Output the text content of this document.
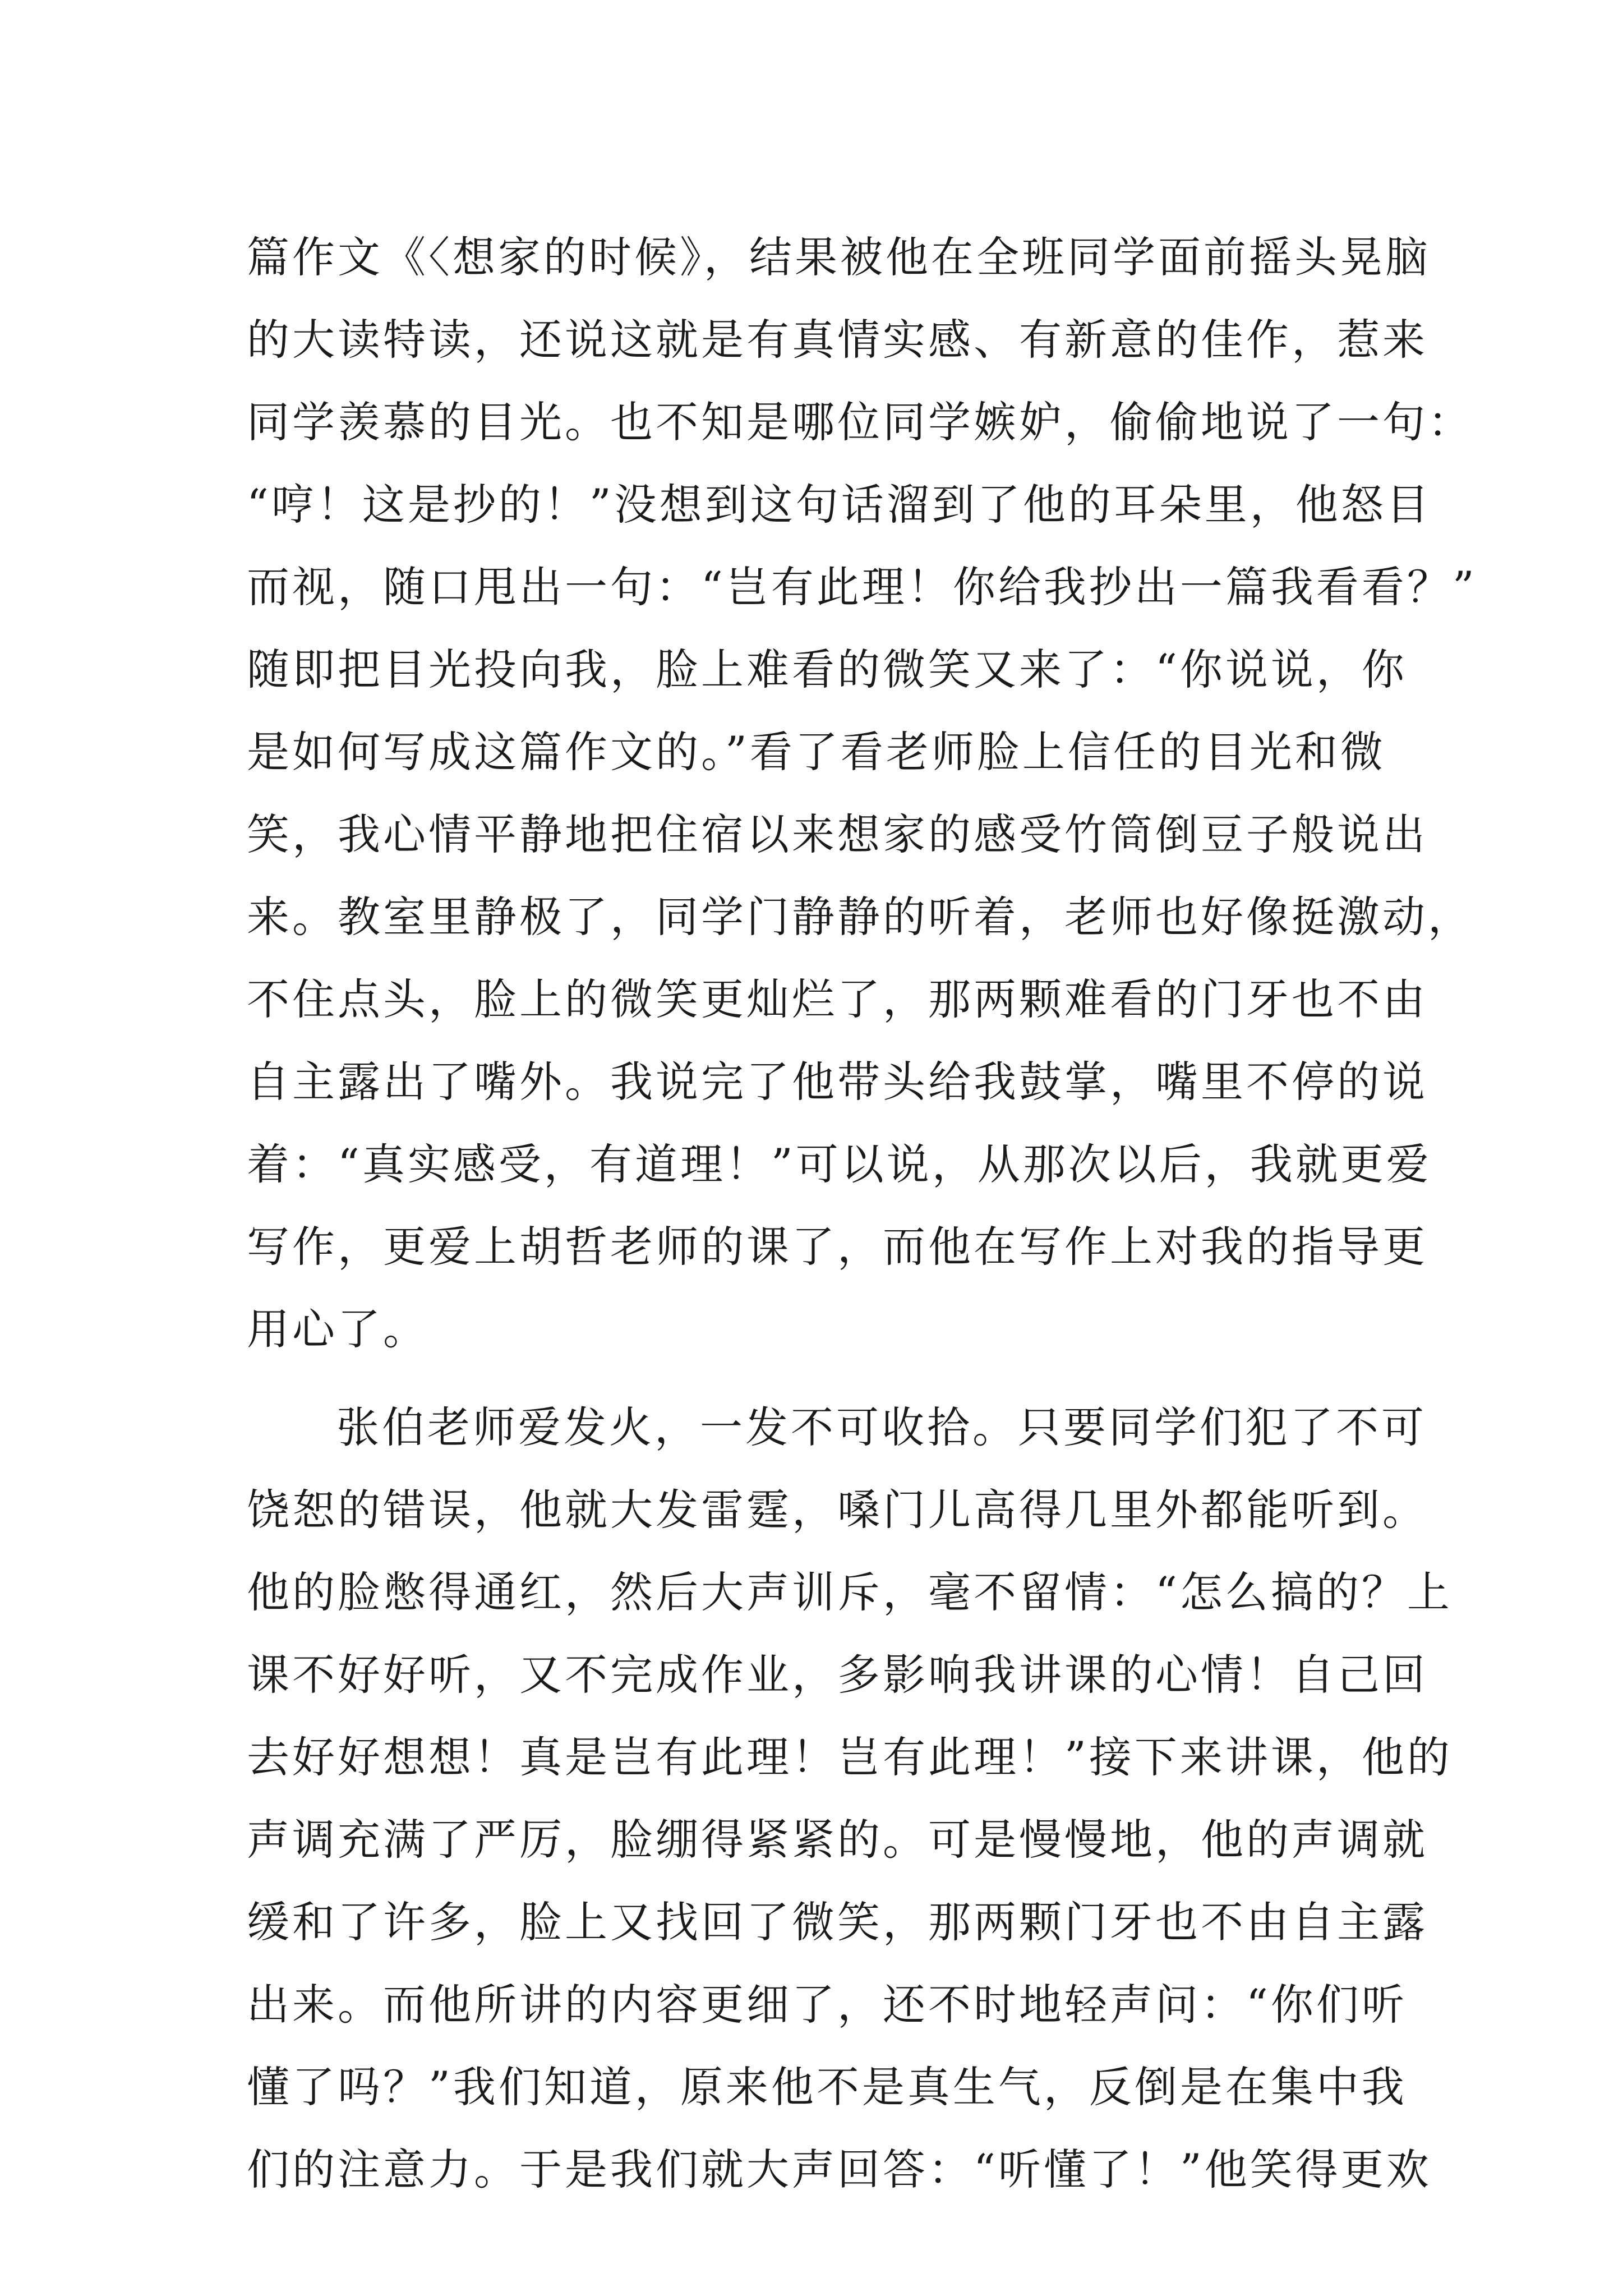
篇作文《〈想家的时候》，结果被他在全班同学面前摇头晃脑
的大读特读，还说这就是有真情实感、有新意的佳作，惹来
同学羡慕的目光。也不知是哪位同学嫉妒，偷偷地说了一句：
“哼！这是抄的！”没想到这句话溜到了他的耳朵里，他怒目
而视，随口甩出一句：“岂有此理！你给我抄出一篇我看看？”
随即把目光投向我，脸上难看的微笑又来了：“你说说，你
是如何写成这篇作文的。”看了看老师脸上信任的目光和微
笑，我心情平静地把住宿以来想家的感受竹筒倒豆子般说出
来。教室里静极了，同学门静静的听着，老师也好像挺激动，
不住点头，脸上的微笑更灿烂了，那两颗难看的门牙也不由
自主露出了嘴外。我说完了他带头给我鼓掌，嘴里不停的说
着：“真实感受，有道理！”可以说，从那次以后，我就更爱
写作，更爱上胡哲老师的课了，而他在写作上对我的指导更
用心了。
张伯老师爱发火，一发不可收拾。只要同学们犯了不可
饶恕的错误，他就大发雷霆，嗓门儿高得几里外都能听到。
他的脸憋得通红，然后大声训斥，毫不留情：“怎么搞的？上
课不好好听，又不完成作业，多影响我讲课的心情！自己回
去好好想想！真是岂有此理！岂有此理！”接下来讲课，他的
声调充满了严厉，脸绷得紧紧的。可是慢慢地，他的声调就
缓和了许多，脸上又找回了微笑，那两颗门牙也不由自主露
出来。而他所讲的内容更细了，还不时地轻声问：“你们听
懂了吗？”我们知道，原来他不是真生气，反倒是在集中我
们的注意力。于是我们就大声回答：“听懂了！”他笑得更欢
